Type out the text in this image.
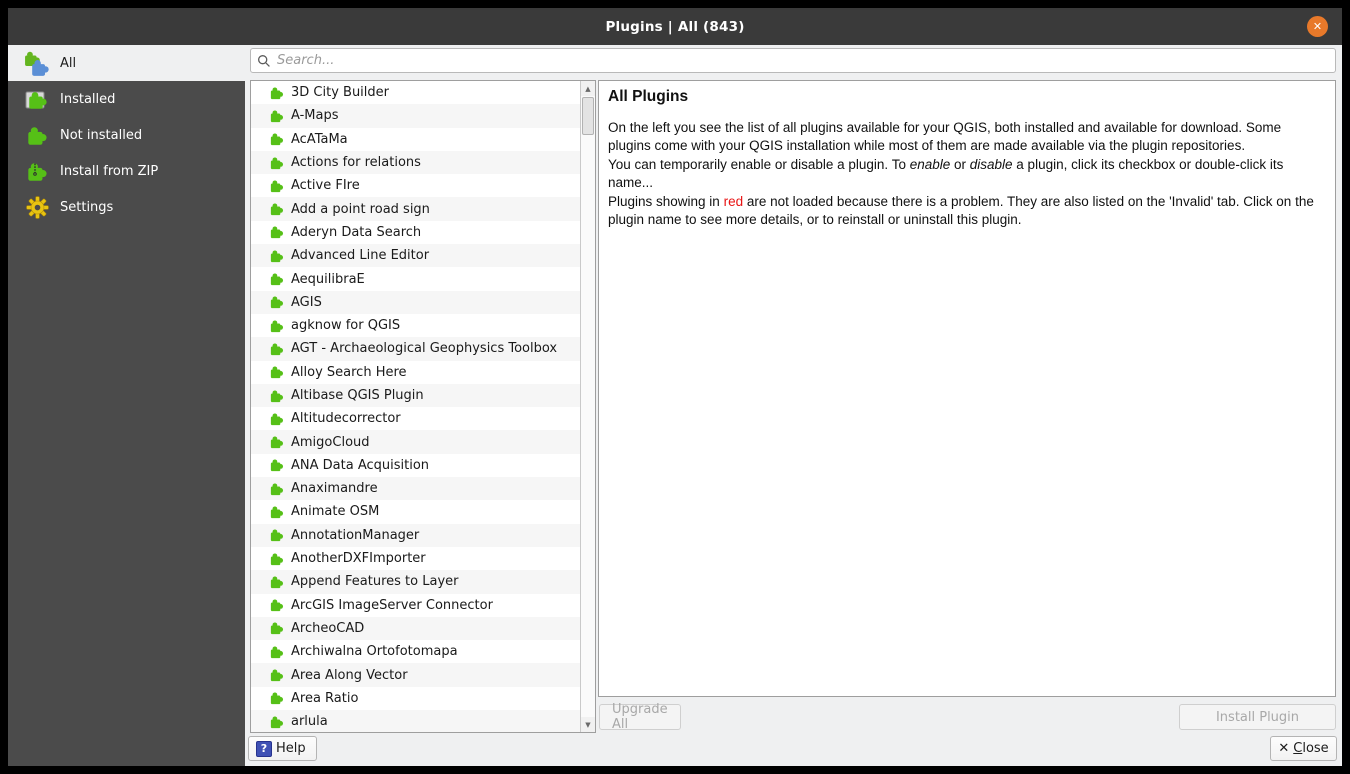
Plugins | All (843)	✕
All
Installed
Not installed
Install from ZIP
Settings
Search...
3D City Builder
A-Maps
AcATaMa
Actions for relations
Active FIre
Add a point road sign
Aderyn Data Search
Advanced Line Editor
AequilibraE
AGIS
agknow for QGIS
AGT - Archaeological Geophysics Toolbox
Alloy Search Here
Altibase QGIS Plugin
Altitudecorrector
AmigoCloud
ANA Data Acquisition
Anaximandre
Animate OSM
AnnotationManager
AnotherDXFImporter
Append Features to Layer
ArcGIS ImageServer Connector
ArcheoCAD
Archiwalna Ortofotomapa
Area Along Vector
Area Ratio
arlula
▲
▼
All Plugins

On the left you see the list of all plugins available for your QGIS, both installed and available for download. Some plugins come with your QGIS installation while most of them are made available via the plugin repositories.

You can temporarily enable or disable a plugin. To enable or disable a plugin, click its checkbox or double-click its name...

Plugins showing in red are not loaded because there is a problem. They are also listed on the 'Invalid' tab. Click on the plugin name to see more details, or to reinstall or uninstall this plugin.

Upgrade All	Install Plugin
? Help	✕ Close
